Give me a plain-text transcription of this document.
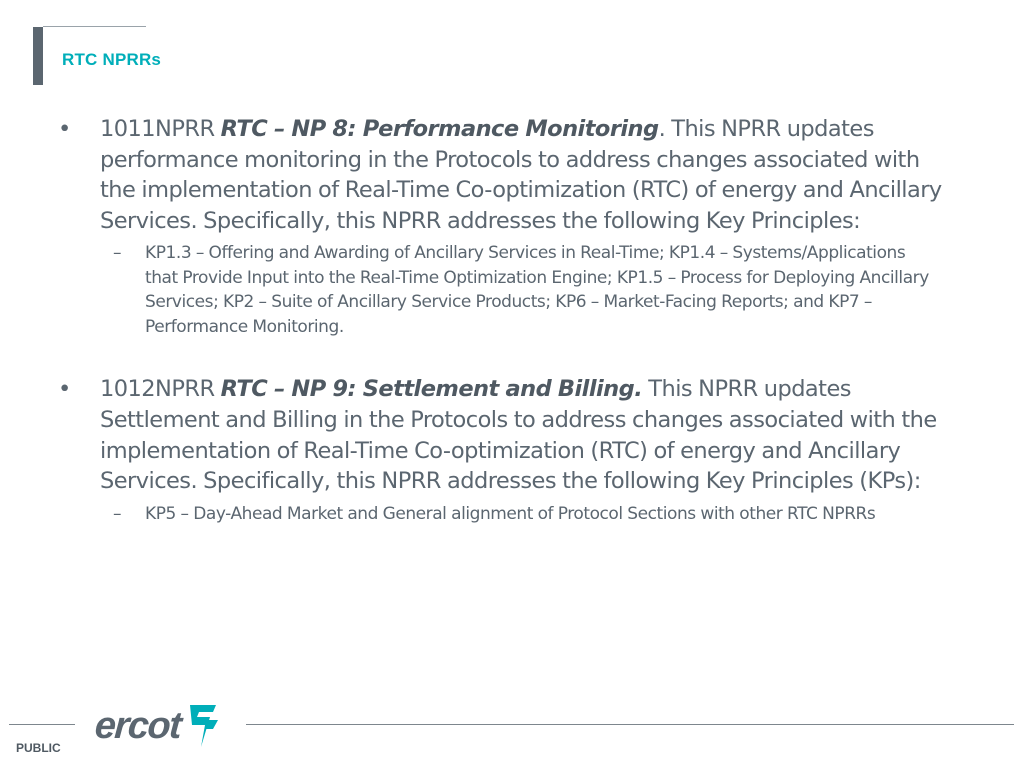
RTC NPRRs
•	1011NPRR RTC – NP 8: Performance Monitoring. This NPRR updates performance monitoring in the Protocols to address changes associated with the implementation of Real-Time Co-optimization (RTC) of energy and Ancillary Services. Specifically, this NPRR addresses the following Key Principles:
– KP1.3 – Offering and Awarding of Ancillary Services in Real-Time; KP1.4 – Systems/Applications that Provide Input into the Real-Time Optimization Engine; KP1.5 – Process for Deploying Ancillary Services; KP2 – Suite of Ancillary Service Products; KP6 – Market-Facing Reports; and KP7 – Performance Monitoring.
•	1012NPRR RTC – NP 9: Settlement and Billing. This NPRR updates Settlement and Billing in the Protocols to address changes associated with the implementation of Real-Time Co-optimization (RTC) of energy and Ancillary Services. Specifically, this NPRR addresses the following Key Principles (KPs):
– KP5 – Day-Ahead Market and General alignment of Protocol Sections with other RTC NPRRs
PUBLIC
ercot
